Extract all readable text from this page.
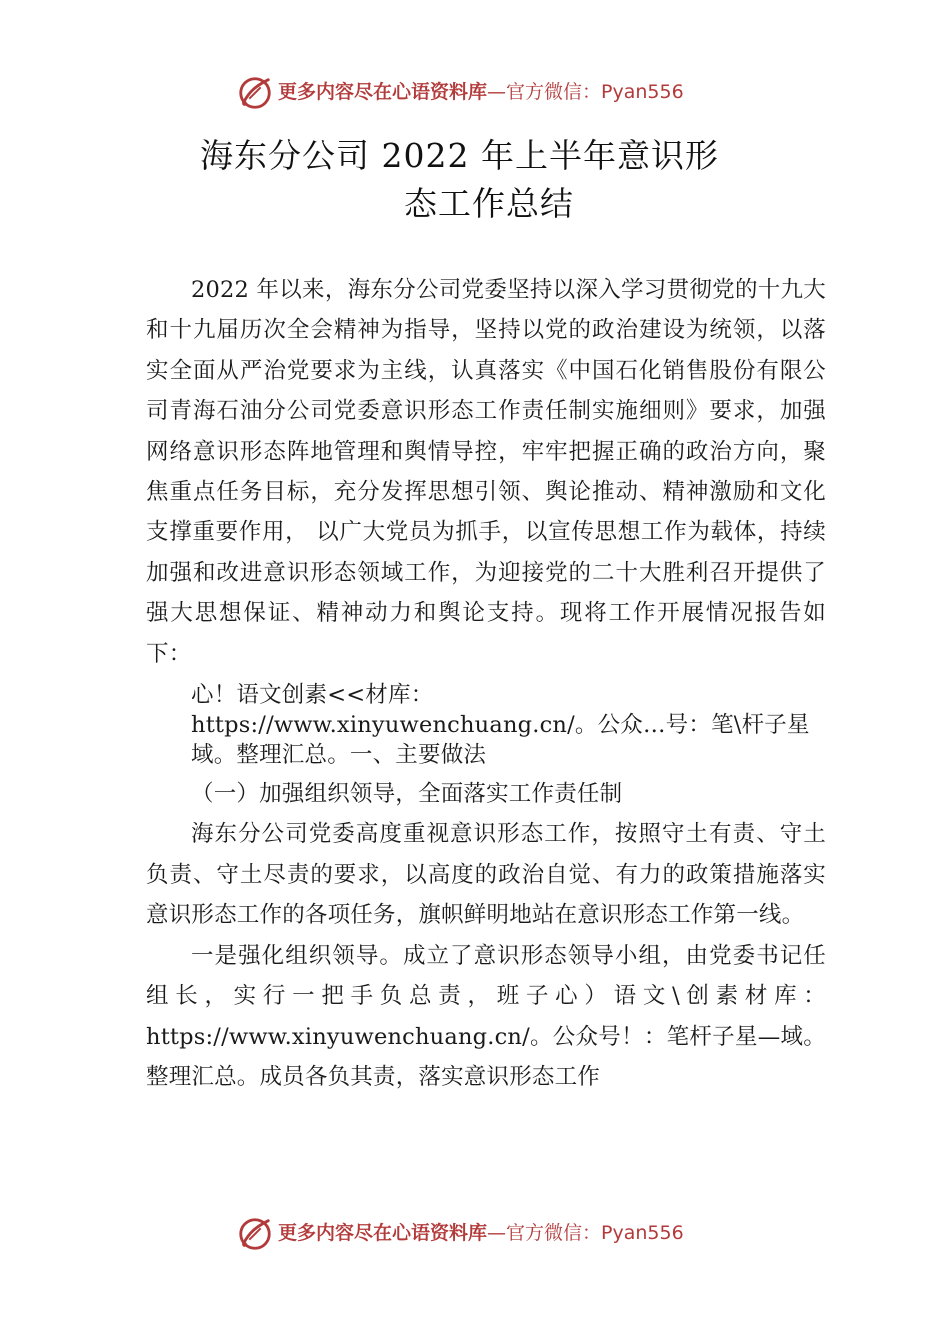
更多内容尽在心语资料库—官方微信：Pyan556
海东分公司 2022 年上半年意识形
态工作总结

2022 年以来，海东分公司党委坚持以深入学习贯彻党的十九大和十九届历次全会精神为指导，坚持以党的政治建设为统领，以落实全面从严治党要求为主线，认真落实《中国石化销售股份有限公司青海石油分公司党委意识形态工作责任制实施细则》要求，加强网络意识形态阵地管理和舆情导控，牢牢把握正确的政治方向，聚焦重点任务目标，充分发挥思想引领、舆论推动、精神激励和文化支撑重要作用， 以广大党员为抓手，以宣传思想工作为载体，持续加强和改进意识形态领域工作，为迎接党的二十大胜利召开提供了强大思想保证、精神动力和舆论支持。现将工作开展情况报告如下：

心！语文创素<<材库：https://www.xinyuwenchuang.cn/。公众…号：笔\杆子星域。整理汇总。一、主要做法

（一）加强组织领导，全面落实工作责任制

海东分公司党委高度重视意识形态工作，按照守土有责、守土负责、守土尽责的要求，以高度的政治自觉、有力的政策措施落实意识形态工作的各项任务，旗帜鲜明地站在意识形态工作第一线。

一是强化组织领导。成立了意识形态领导小组，由党委书记任组长，实行一把手负总责，班子心）语文\创素材库：https://www.xinyuwenchuang.cn/。公众号！：笔杆子星—域。整理汇总。成员各负其责，落实意识形态工作

更多内容尽在心语资料库—官方微信：Pyan556
